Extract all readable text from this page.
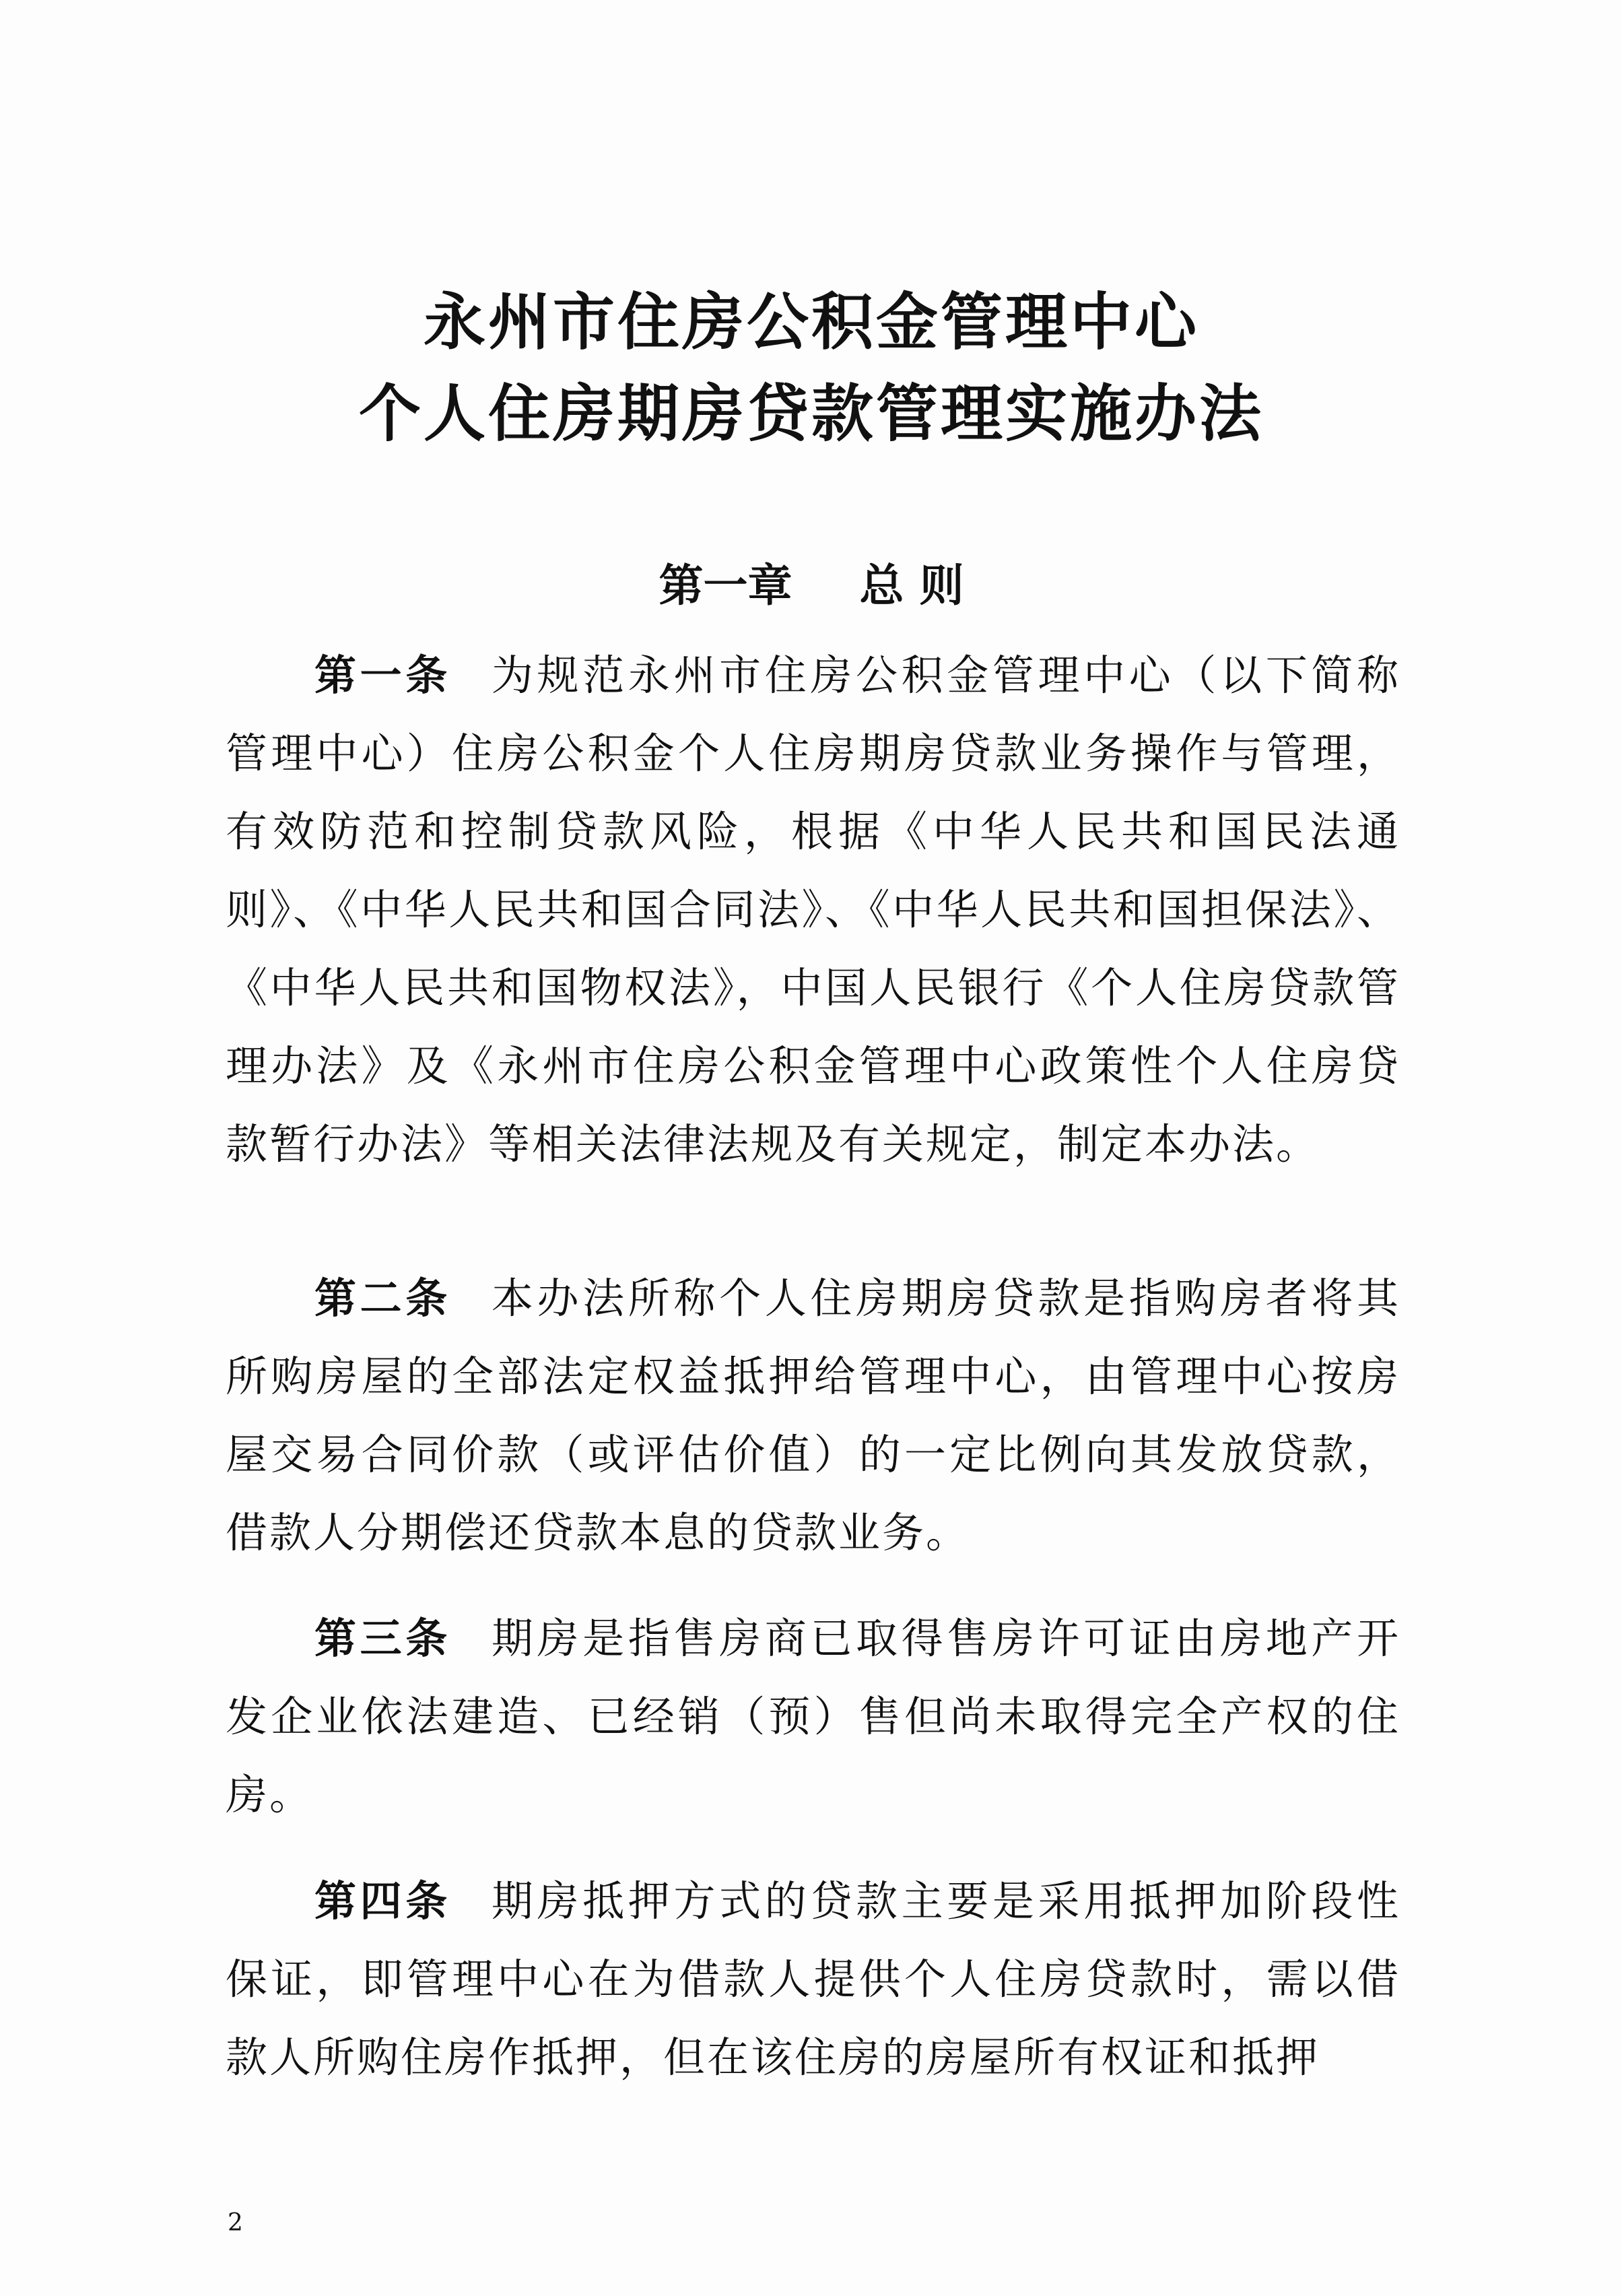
永州市住房公积金管理中心
个人住房期房贷款管理实施办法
第一章 总 则

第一条 为规范永州市住房公积金管理中心（以下简称管理中心）住房公积金个人住房期房贷款业务操作与管理，有效防范和控制贷款风险，根据《中华人民共和国民法通则》、《中华人民共和国合同法》、《中华人民共和国担保法》、《中华人民共和国物权法》，中国人民银行《个人住房贷款管理办法》及《永州市住房公积金管理中心政策性个人住房贷款暂行办法》等相关法律法规及有关规定，制定本办法。

第二条 本办法所称个人住房期房贷款是指购房者将其所购房屋的全部法定权益抵押给管理中心，由管理中心按房屋交易合同价款（或评估价值）的一定比例向其发放贷款，借款人分期偿还贷款本息的贷款业务。

第三条 期房是指售房商已取得售房许可证由房地产开发企业依法建造、已经销（预）售但尚未取得完全产权的住房。

第四条 期房抵押方式的贷款主要是采用抵押加阶段性保证，即管理中心在为借款人提供个人住房贷款时，需以借款人所购住房作抵押，但在该住房的房屋所有权证和抵押

2
